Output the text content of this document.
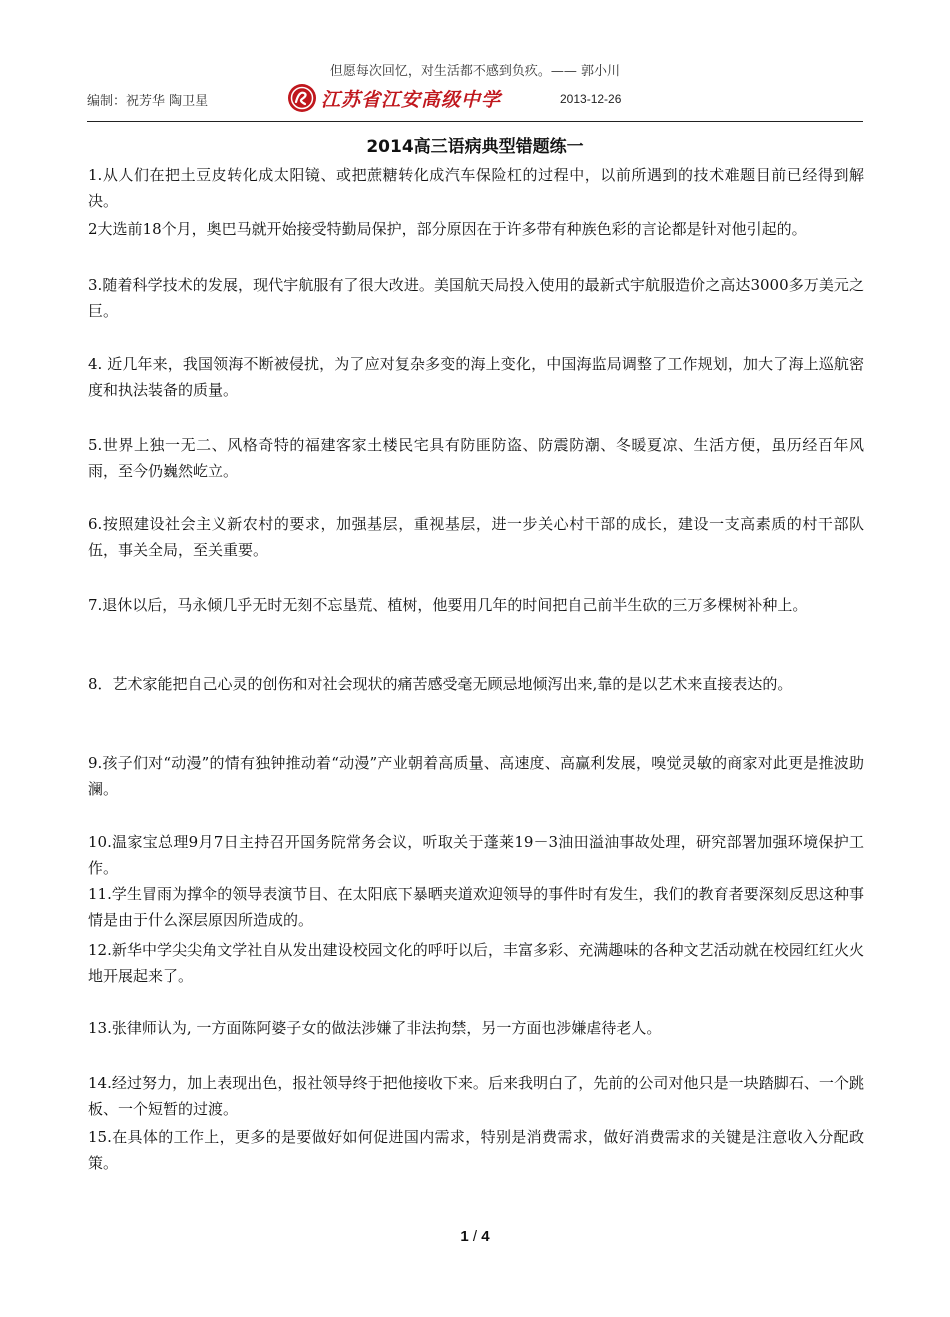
但愿每次回忆，对生活都不感到负疚。—— 郭小川
编制：祝芳华 陶卫星	江苏省江安高级中学	2013-12-26
2014高三语病典型错题练一

1.从人们在把土豆皮转化成太阳镜、或把蔗糖转化成汽车保险杠的过程中，以前所遇到的技术难题目前已经得到解决。

2大选前18个月，奥巴马就开始接受特勤局保护，部分原因在于许多带有种族色彩的言论都是针对他引起的。

3.随着科学技术的发展，现代宇航服有了很大改进。美国航天局投入使用的最新式宇航服造价之高达3000多万美元之巨。

4. 近几年来，我国领海不断被侵扰，为了应对复杂多变的海上变化，中国海监局调整了工作规划，加大了海上巡航密度和执法装备的质量。

5.世界上独一无二、风格奇特的福建客家土楼民宅具有防匪防盗、防震防潮、冬暖夏凉、生活方便，虽历经百年风雨，至今仍巍然屹立。

6.按照建设社会主义新农村的要求，加强基层，重视基层，进一步关心村干部的成长，建设一支高素质的村干部队伍，事关全局，至关重要。

7.退休以后，马永倾几乎无时无刻不忘垦荒、植树，他要用几年的时间把自己前半生砍的三万多棵树补种上。

8．艺术家能把自己心灵的创伤和对社会现状的痛苦感受毫无顾忌地倾泻出来,靠的是以艺术来直接表达的。

9.孩子们对“动漫”的情有独钟推动着“动漫”产业朝着高质量、高速度、高赢利发展，嗅觉灵敏的商家对此更是推波助澜。

10.温家宝总理9月7日主持召开国务院常务会议，听取关于蓬莱19－3油田溢油事故处理，研究部署加强环境保护工作。

11.学生冒雨为撑伞的领导表演节目、在太阳底下暴晒夹道欢迎领导的事件时有发生，我们的教育者要深刻反思这种事情是由于什么深层原因所造成的。

12.新华中学尖尖角文学社自从发出建设校园文化的呼吁以后，丰富多彩、充满趣味的各种文艺活动就在校园红红火火地开展起来了。

13.张律师认为, 一方面陈阿婆子女的做法涉嫌了非法拘禁，另一方面也涉嫌虐待老人。

14.经过努力，加上表现出色，报社领导终于把他接收下来。后来我明白了，先前的公司对他只是一块踏脚石、一个跳板、一个短暂的过渡。

15.在具体的工作上，更多的是要做好如何促进国内需求，特别是消费需求，做好消费需求的关键是注意收入分配政策。

1 / 4
